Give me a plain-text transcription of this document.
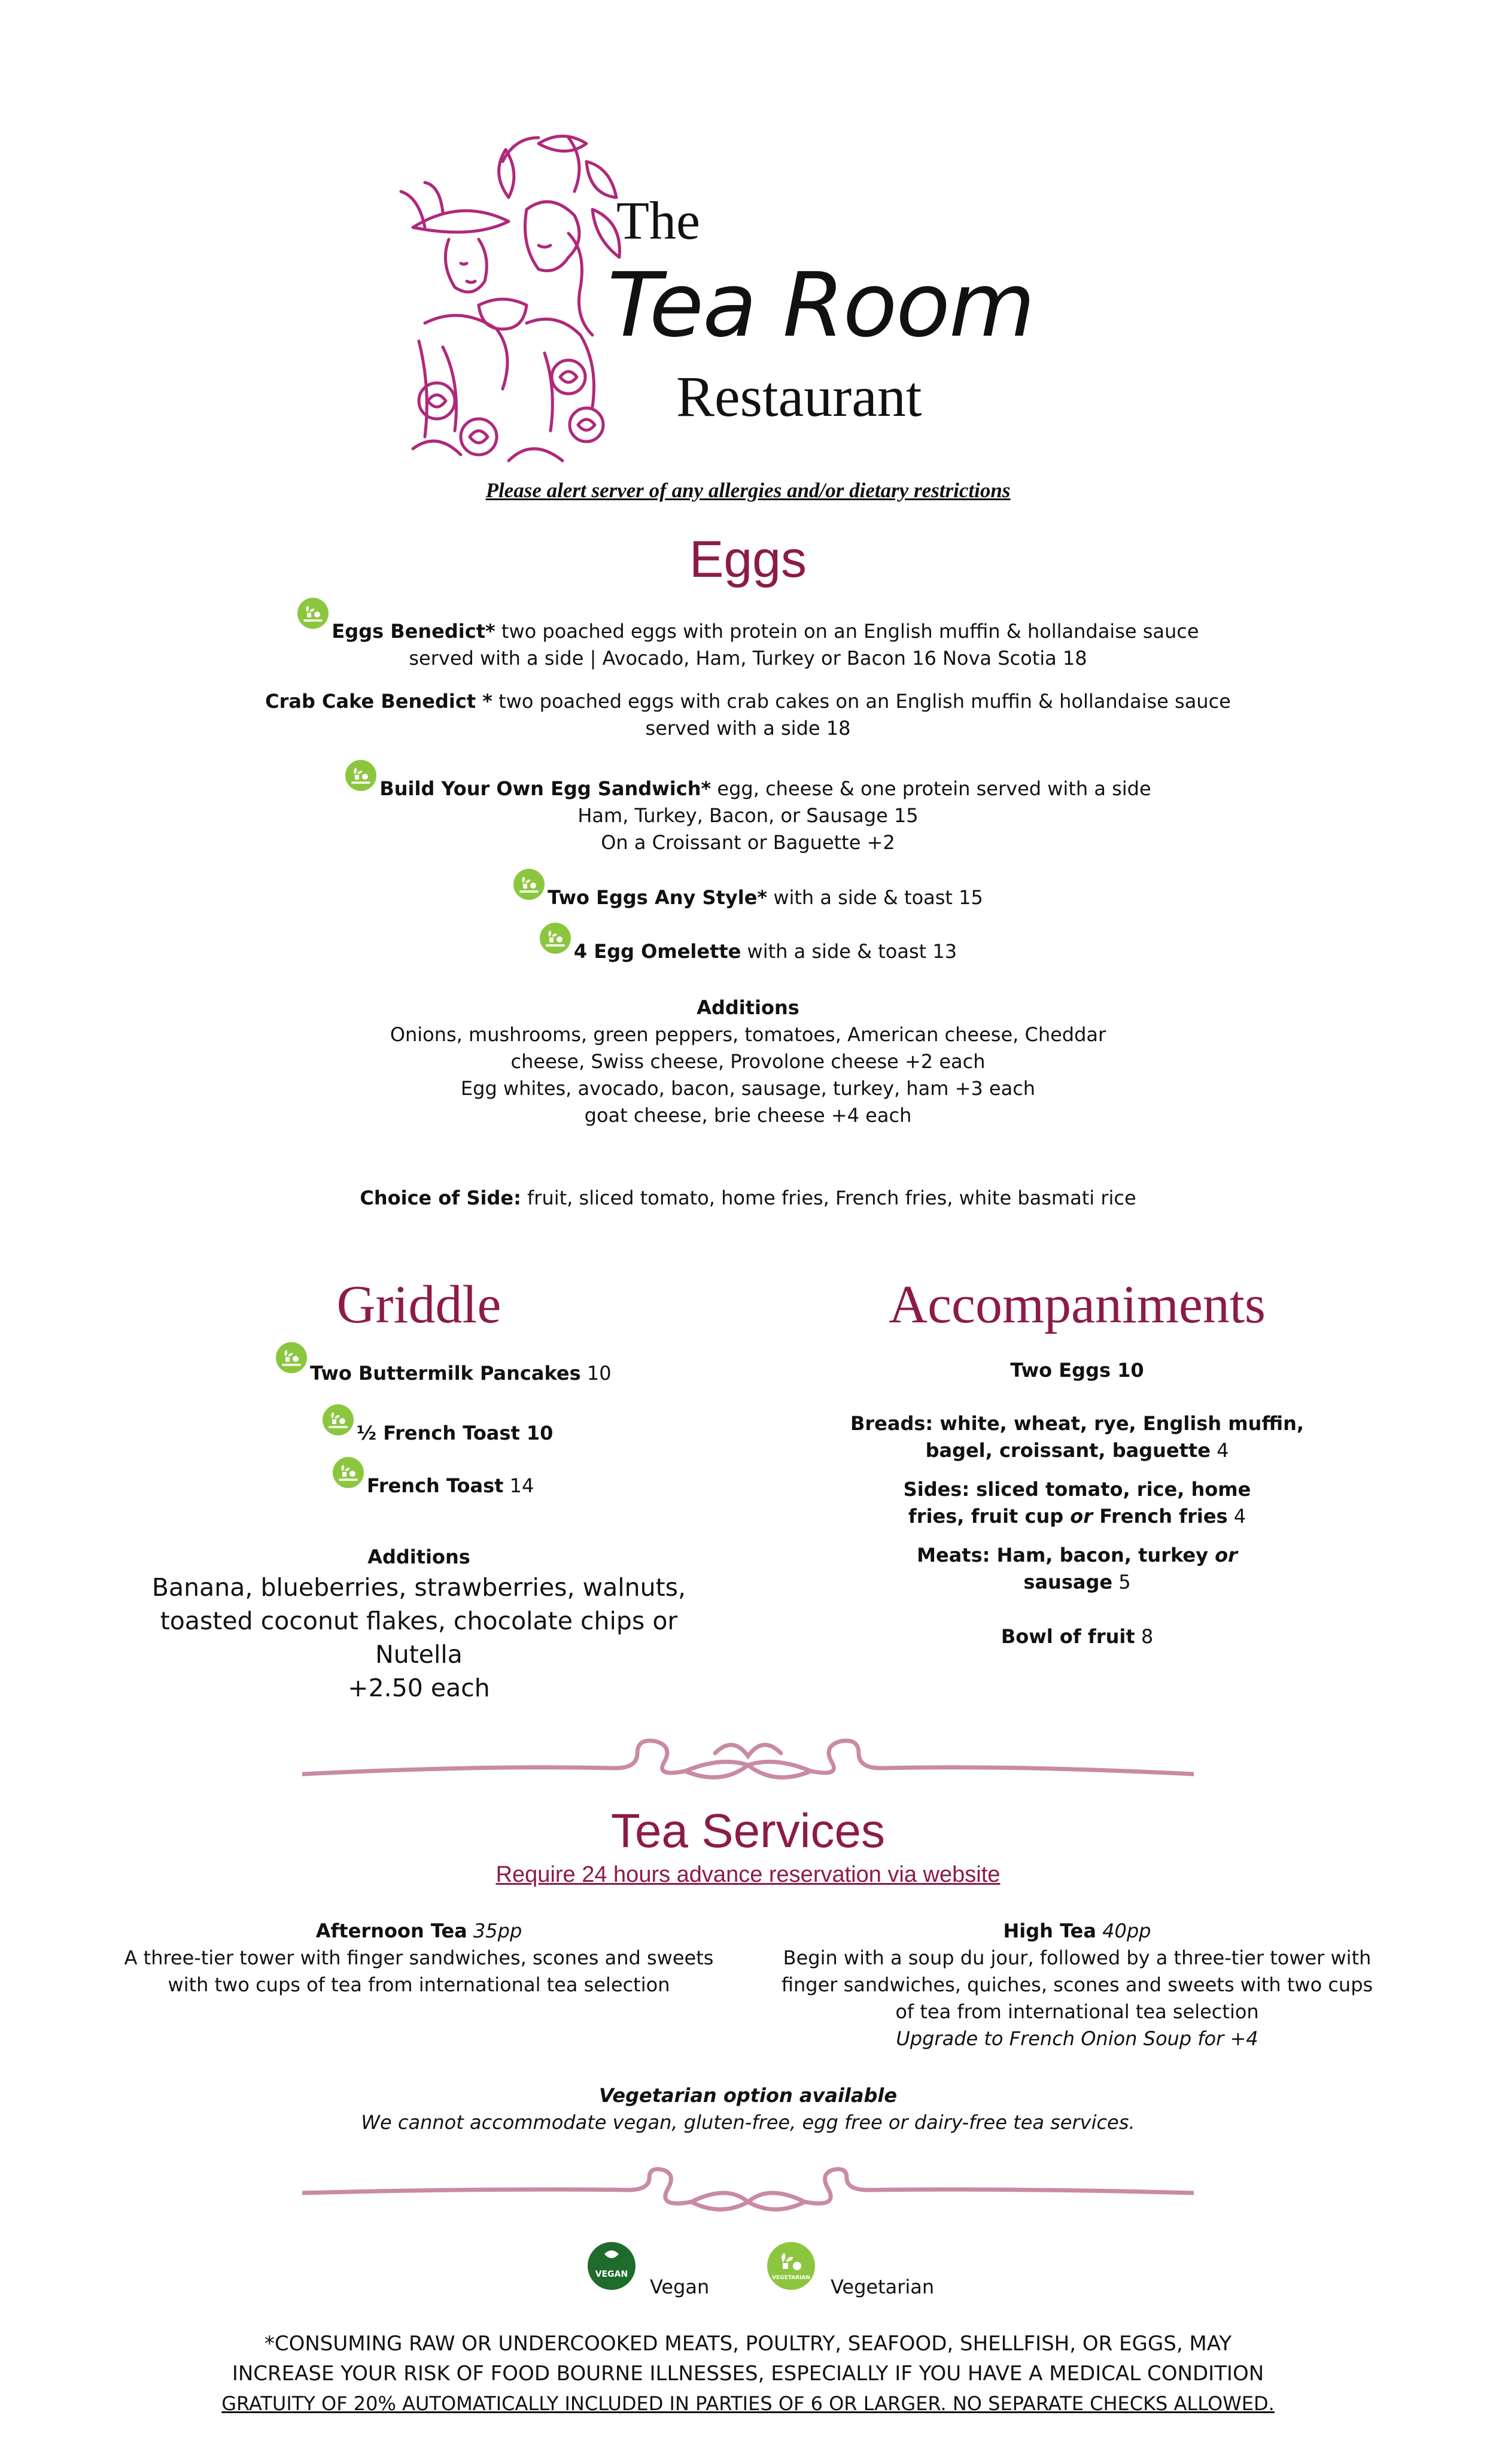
The
Tea Room
Restaurant
Please alert server of any allergies and/or dietary restrictions
Eggs
Eggs Benedict* two poached eggs with protein on an English muffin & hollandaise sauce
served with a side | Avocado, Ham, Turkey or Bacon 16 Nova Scotia 18
Crab Cake Benedict * two poached eggs with crab cakes on an English muffin & hollandaise sauce
served with a side 18
Build Your Own Egg Sandwich* egg, cheese & one protein served with a side
Ham, Turkey, Bacon, or Sausage 15
On a Croissant or Baguette +2
Two Eggs Any Style* with a side & toast 15
4 Egg Omelette with a side & toast 13
Additions
Onions, mushrooms, green peppers, tomatoes, American cheese, Cheddar
cheese, Swiss cheese, Provolone cheese +2 each
Egg whites, avocado, bacon, sausage, turkey, ham +3 each
goat cheese, brie cheese +4 each
Choice of Side: fruit, sliced tomato, home fries, French fries, white basmati rice
Griddle
Two Buttermilk Pancakes 10
½ French Toast 10
French Toast 14
Additions
Banana, blueberries, strawberries, walnuts,
toasted coconut flakes, chocolate chips or Nutella
+2.50 each
Accompaniments
Two Eggs 10
Breads: white, wheat, rye, English muffin,
bagel, croissant, baguette 4
Sides: sliced tomato, rice, home
fries, fruit cup or French fries 4
Meats: Ham, bacon, turkey or
sausage 5
Bowl of fruit 8
Tea Services
Require 24 hours advance reservation via website
Afternoon Tea 35pp
A three-tier tower with finger sandwiches, scones and sweets
with two cups of tea from international tea selection
High Tea 40pp
Begin with a soup du jour, followed by a three-tier tower with
finger sandwiches, quiches, scones and sweets with two cups
of tea from international tea selection
Upgrade to French Onion Soup for +4
Vegetarian option available
We cannot accommodate vegan, gluten-free, egg free or dairy-free tea services.
VEGAN
Vegan	VEGETARIAN Vegetarian
*CONSUMING RAW OR UNDERCOOKED MEATS, POULTRY, SEAFOOD, SHELLFISH, OR EGGS, MAY
INCREASE YOUR RISK OF FOOD BOURNE ILLNESSES, ESPECIALLY IF YOU HAVE A MEDICAL CONDITION
GRATUITY OF 20% AUTOMATICALLY INCLUDED IN PARTIES OF 6 OR LARGER. NO SEPARATE CHECKS ALLOWED.
